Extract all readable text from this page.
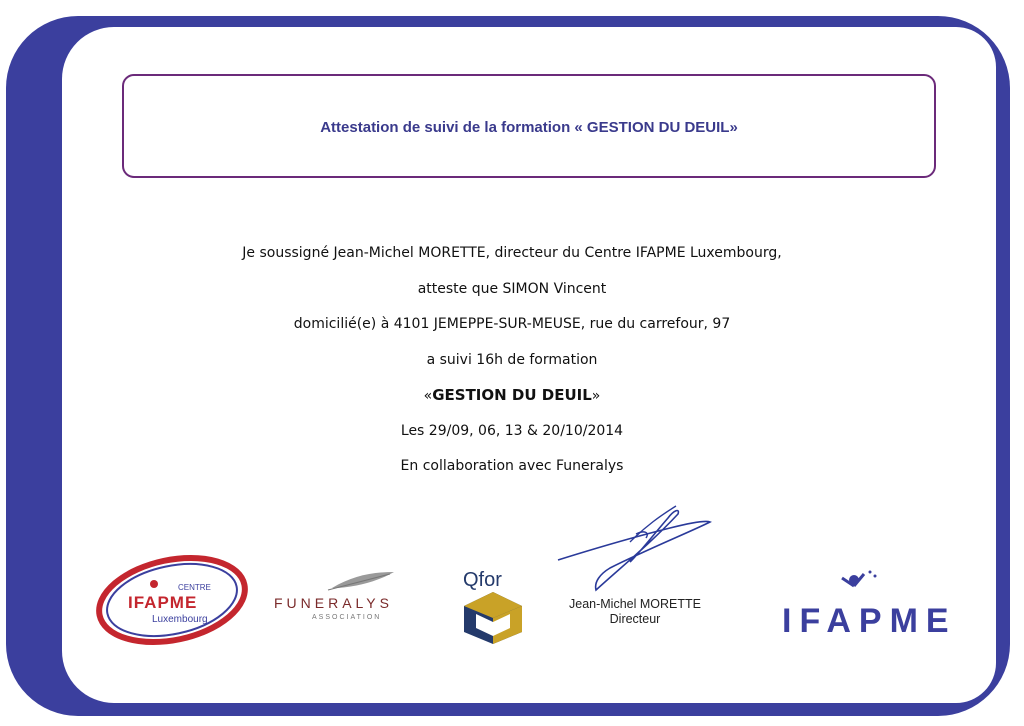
Attestation de suivi de la formation « GESTION DU DEUIL»
Je soussigné Jean-Michel MORETTE, directeur du Centre IFAPME Luxembourg,
atteste que SIMON Vincent
domicilié(e) à 4101 JEMEPPE-SUR-MEUSE, rue du carrefour, 97
a suivi 16h de formation
«GESTION DU DEUIL»
Les 29/09, 06, 13 & 20/10/2014
En collaboration avec Funeralys
CENTRE
IFAPME
Luxembourg
FUNERALYS
ASSOCIATION
Qfor
Jean-Michel MORETTE
Directeur	IFAPME
